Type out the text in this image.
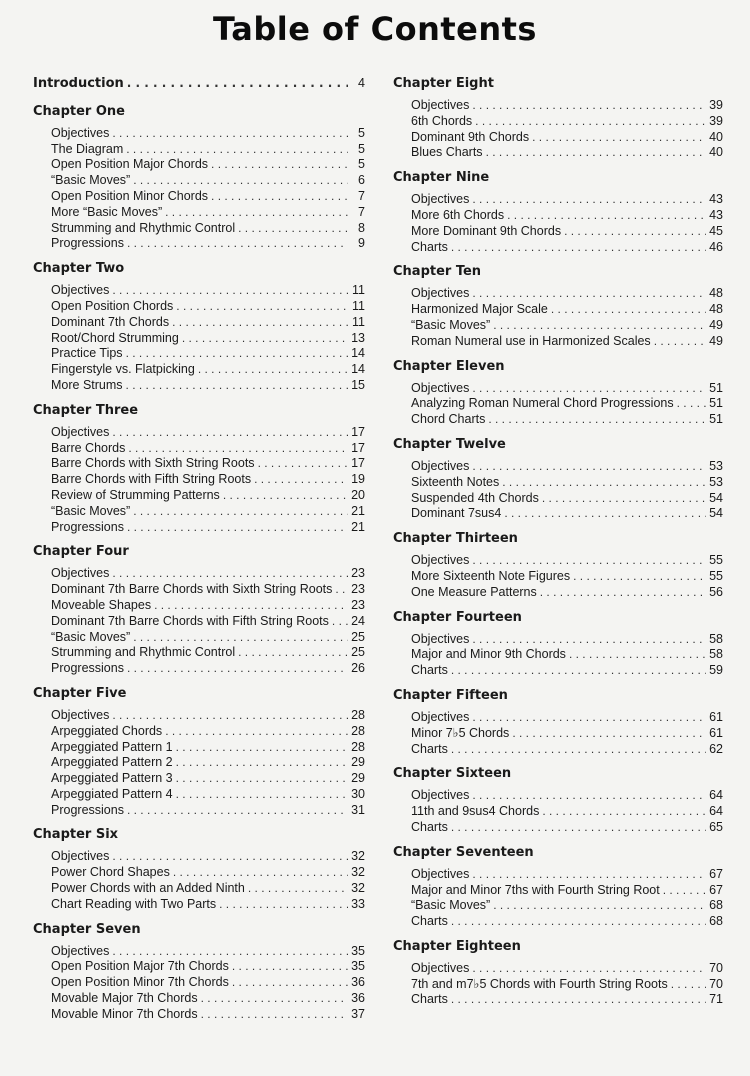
Table of Contents
Introduction . . .	4
Chapter One
Objectives . . .	5
The Diagram . . .	5
Open Position Major Chords . . .	5
“Basic Moves” . . .	6
Open Position Minor Chords . . .	7
More “Basic Moves” . . .	7
Strumming and Rhythmic Control . . .	8
Progressions . . .	9
Chapter Two
Objectives . . .	11
Open Position Chords . . .	11
Dominant 7th Chords . . .	11
Root/Chord Strumming . . .	13
Practice Tips . . .	14
Fingerstyle vs. Flatpicking . . .	14
More Strums . . .	15
Chapter Three
Objectives . . .	17
Barre Chords . . .	17
Barre Chords with Sixth String Roots . . .	17
Barre Chords with Fifth String Roots . . .	19
Review of Strumming Patterns . . .	20
“Basic Moves” . . .	21
Progressions . . .	21
Chapter Four
Objectives . . .	23
Dominant 7th Barre Chords with Sixth String Roots . . . 23
Moveable Shapes . . .	23
Dominant 7th Barre Chords with Fifth String Roots . . . 24
“Basic Moves” . . .	25
Strumming and Rhythmic Control . . .	25
Progressions . . .	26
Chapter Five
Objectives . . .	28
Arpeggiated Chords . . .	28
Arpeggiated Pattern 1 . . .	28
Arpeggiated Pattern 2 . . .	29
Arpeggiated Pattern 3 . . .	29
Arpeggiated Pattern 4 . . .	30
Progressions . . .	31
Chapter Six
Objectives . . .	32
Power Chord Shapes . . .	32
Power Chords with an Added Ninth . . .	32
Chart Reading with Two Parts . . .	33
Chapter Seven
Objectives . . .	35
Open Position Major 7th Chords . . .	35
Open Position Minor 7th Chords . . .	36
Movable Major 7th Chords . . .	36
Movable Minor 7th Chords . . .	37
Chapter Eight
Objectives . . .	39
6th Chords . . .	39
Dominant 9th Chords . . .	40
Blues Charts . . .	40
Chapter Nine
Objectives . . .	43
More 6th Chords . . .	43
More Dominant 9th Chords . . .	45
Charts . . .	46
Chapter Ten
Objectives . . .	48
Harmonized Major Scale . . .	48
“Basic Moves” . . .	49
Roman Numeral use in Harmonized Scales . . .	49
Chapter Eleven
Objectives . . .	51
Analyzing Roman Numeral Chord Progressions . . .	51
Chord Charts . . .	51
Chapter Twelve
Objectives . . .	53
Sixteenth Notes . . .	53
Suspended 4th Chords . . .	54
Dominant 7sus4 . . .	54
Chapter Thirteen
Objectives . . .	55
More Sixteenth Note Figures . . .	55
One Measure Patterns . . .	56
Chapter Fourteen
Objectives . . .	58
Major and Minor 9th Chords . . .	58
Charts . . .	59
Chapter Fifteen
Objectives . . .	61
Minor 7♭5 Chords . . .	61
Charts . . .	62
Chapter Sixteen
Objectives . . .	64
11th and 9sus4 Chords . . .	64
Charts . . .	65
Chapter Seventeen
Objectives . . .	67
Major and Minor 7ths with Fourth String Root . . .	67
“Basic Moves” . . .	68
Charts . . .	68
Chapter Eighteen
Objectives . . .	70
7th and m7♭5 Chords with Fourth String Roots . . .	70
Charts . . .	71
